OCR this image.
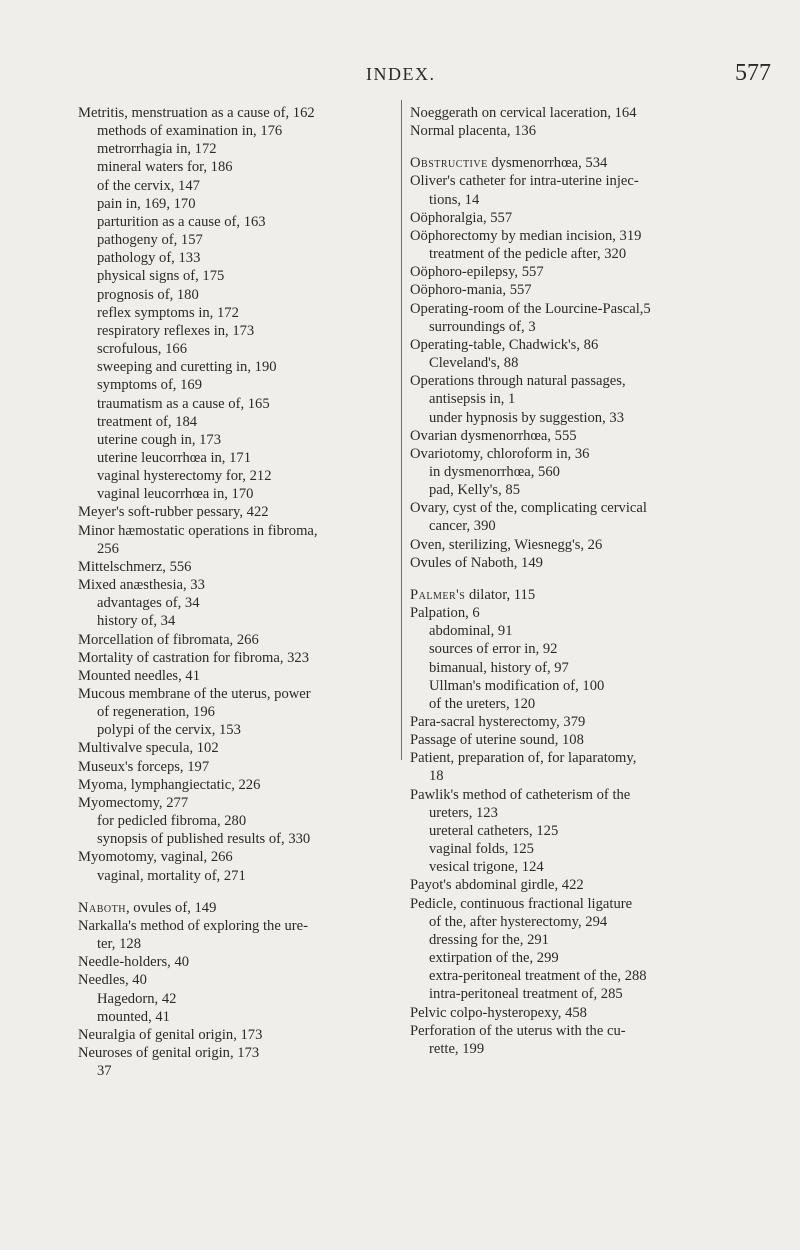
INDEX.	577
Metritis, menstruation as a cause of, 162
methods of examination in, 176
metrorrhagia in, 172
mineral waters for, 186
of the cervix, 147
pain in, 169, 170
parturition as a cause of, 163
pathogeny of, 157
pathology of, 133
physical signs of, 175
prognosis of, 180
reflex symptoms in, 172
respiratory reflexes in, 173
scrofulous, 166
sweeping and curetting in, 190
symptoms of, 169
traumatism as a cause of, 165
treatment of, 184
uterine cough in, 173
uterine leucorrhœa in, 171
vaginal hysterectomy for, 212
vaginal leucorrhœa in, 170
Meyer's soft-rubber pessary, 422
Minor hæmostatic operations in fibroma,
256
Mittelschmerz, 556
Mixed anæsthesia, 33
advantages of, 34
history of, 34
Morcellation of fibromata, 266
Mortality of castration for fibroma, 323
Mounted needles, 41
Mucous membrane of the uterus, power
of regeneration, 196
polypi of the cervix, 153
Multivalve specula, 102
Museux's forceps, 197
Myoma, lymphangiectatic, 226
Myomectomy, 277
for pedicled fibroma, 280
synopsis of published results of, 330
Myomotomy, vaginal, 266
vaginal, mortality of, 271
Naboth, ovules of, 149
Narkalla's method of exploring the ure-
ter, 128
Needle-holders, 40
Needles, 40
Hagedorn, 42
mounted, 41
Neuralgia of genital origin, 173
Neuroses of genital origin, 173
37
Noeggerath on cervical laceration, 164
Normal placenta, 136
Obstructive dysmenorrhœa, 534
Oliver's catheter for intra-uterine injec-
tions, 14
Oöphoralgia, 557
Oöphorectomy by median incision, 319
treatment of the pedicle after, 320
Oöphoro-epilepsy, 557
Oöphoro-mania, 557
Operating-room of the Lourcine-Pascal,5
surroundings of, 3
Operating-table, Chadwick's, 86
Cleveland's, 88
Operations through natural passages,
antisepsis in, 1
under hypnosis by suggestion, 33
Ovarian dysmenorrhœa, 555
Ovariotomy, chloroform in, 36
in dysmenorrhœa, 560
pad, Kelly's, 85
Ovary, cyst of the, complicating cervical
cancer, 390
Oven, sterilizing, Wiesnegg's, 26
Ovules of Naboth, 149
Palmer's dilator, 115
Palpation, 6
abdominal, 91
sources of error in, 92
bimanual, history of, 97
Ullman's modification of, 100
of the ureters, 120
Para-sacral hysterectomy, 379
Passage of uterine sound, 108
Patient, preparation of, for laparatomy,
18
Pawlik's method of catheterism of the
ureters, 123
ureteral catheters, 125
vaginal folds, 125
vesical trigone, 124
Payot's abdominal girdle, 422
Pedicle, continuous fractional ligature
of the, after hysterectomy, 294
dressing for the, 291
extirpation of the, 299
extra-peritoneal treatment of the, 288
intra-peritoneal treatment of, 285
Pelvic colpo-hysteropexy, 458
Perforation of the uterus with the cu-
rette, 199
